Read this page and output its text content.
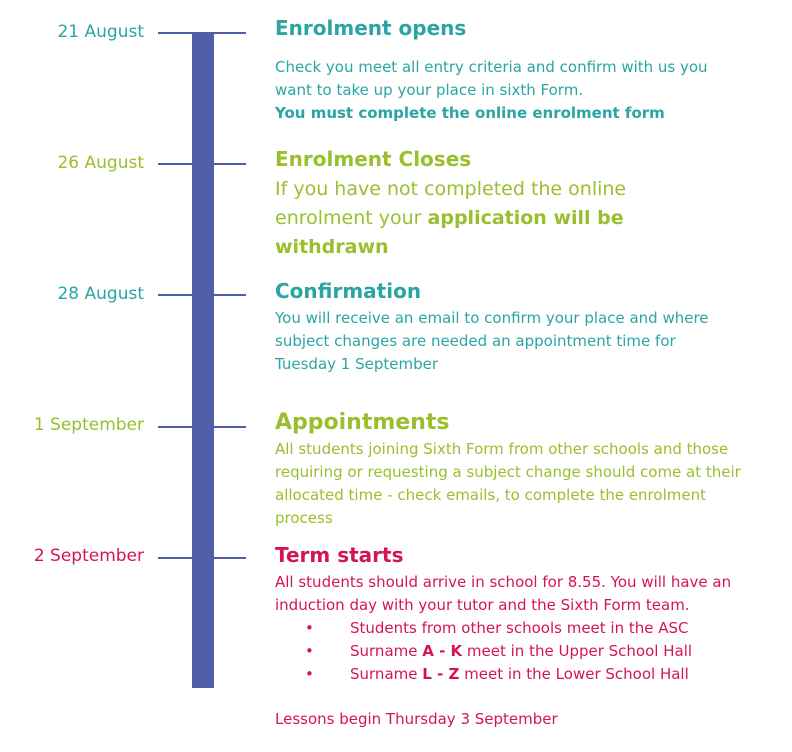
21 August
26 August
28 August
1 September
2 September
Enrolment opens

Check you meet all entry criteria and confirm with us you want to take up your place in sixth Form.

You must complete the online enrolment form

Enrolment Closes

If you have not completed the online enrolment your application will be withdrawn

Confirmation

You will receive an email to confirm your place and where subject changes are needed an appointment time for Tuesday 1 September

Appointments

All students joining Sixth Form from other schools and those requiring or requesting a subject change should come at their allocated time - check emails, to complete the enrolment process

Term starts

All students should arrive in school for 8.55. You will have an induction day with your tutor and the Sixth Form team.

• Students from other schools meet in the ASC
• Surname A - K meet in the Upper School Hall
• Surname L - Z meet in the Lower School Hall

Lessons begin Thursday 3 September
